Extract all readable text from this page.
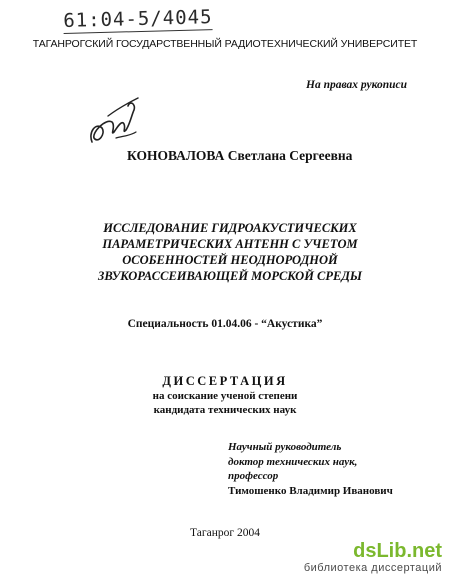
61:04-5/4045
ТАГАНРОГСКИЙ ГОСУДАРСТВЕННЫЙ РАДИОТЕХНИЧЕСКИЙ УНИВЕРСИТЕТ
На правах рукописи
КОНОВАЛОВА Светлана Сергеевна
ИССЛЕДОВАНИЕ ГИДРОАКУСТИЧЕСКИХ
ПАРАМЕТРИЧЕСКИХ АНТЕНН С УЧЕТОМ
ОСОБЕННОСТЕЙ НЕОДНОРОДНОЙ
ЗВУКОРАССЕИВАЮЩЕЙ МОРСКОЙ СРЕДЫ
Специальность 01.04.06 - “Акустика”
ДИССЕРТАЦИЯ
на соискание ученой степени
кандидата технических наук
Научный руководитель
доктор технических наук,
профессор
Тимошенко Владимир Иванович
Таганрог 2004
dsLib.net
библиотека диссертаций
